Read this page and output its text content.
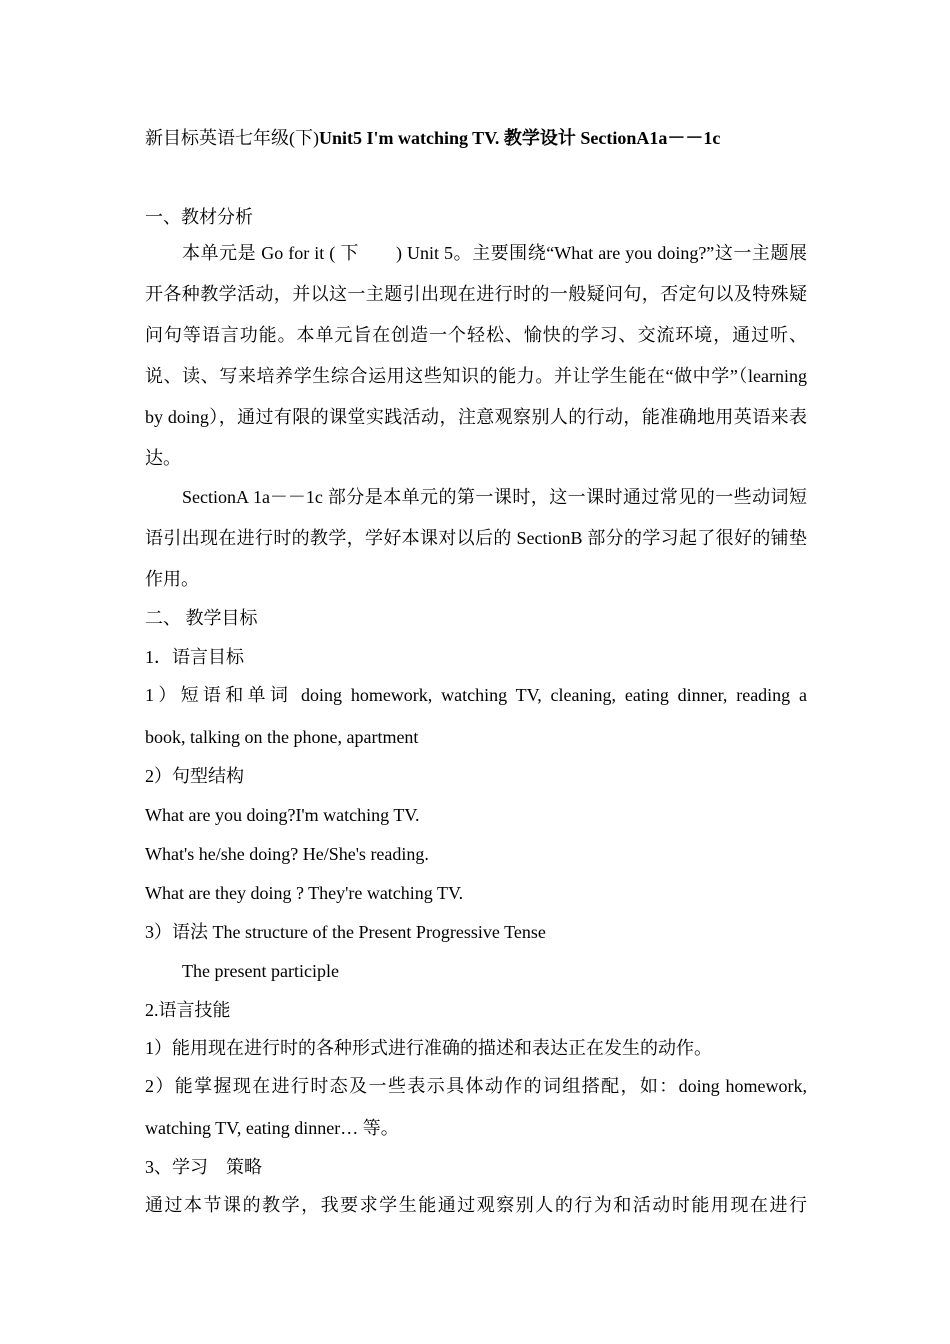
新目标英语七年级(下)Unit5 I'm watching TV. 教学设计 SectionA1a－－1c
一、教材分析

本单元是 Go for it ( 下　　) Unit 5。主要围绕“What are you doing?”这一主题展开各种教学活动，并以这一主题引出现在进行时的一般疑问句，否定句以及特殊疑问句等语言功能。本单元旨在创造一个轻松、愉快的学习、交流环境，通过听、说、读、写来培养学生综合运用这些知识的能力。并让学生能在“做中学”（learning by doing），通过有限的课堂实践活动，注意观察别人的行动，能准确地用英语来表达。

SectionA 1a－－1c 部分是本单元的第一课时，这一课时通过常见的一些动词短语引出现在进行时的教学，学好本课对以后的 SectionB 部分的学习起了很好的铺垫作用。

二、 教学目标
1．语言目标

1）短语和单词 doing homework, watching TV, cleaning, eating dinner, reading a

book, talking on the phone, apartment
2）句型结构
What are you doing?I'm watching TV.
What's he/she doing? He/She's reading.
What are they doing ? They're watching TV.
3）语法 The structure of the Present Progressive Tense
The present participle
2.语言技能
1）能用现在进行时的各种形式进行准确的描述和表达正在发生的动作。

2）能掌握现在进行时态及一些表示具体动作的词组搭配，如：doing homework,

watching TV, eating dinner… 等。
3、学习　策略

通过本节课的教学，我要求学生能通过观察别人的行为和活动时能用现在进行
